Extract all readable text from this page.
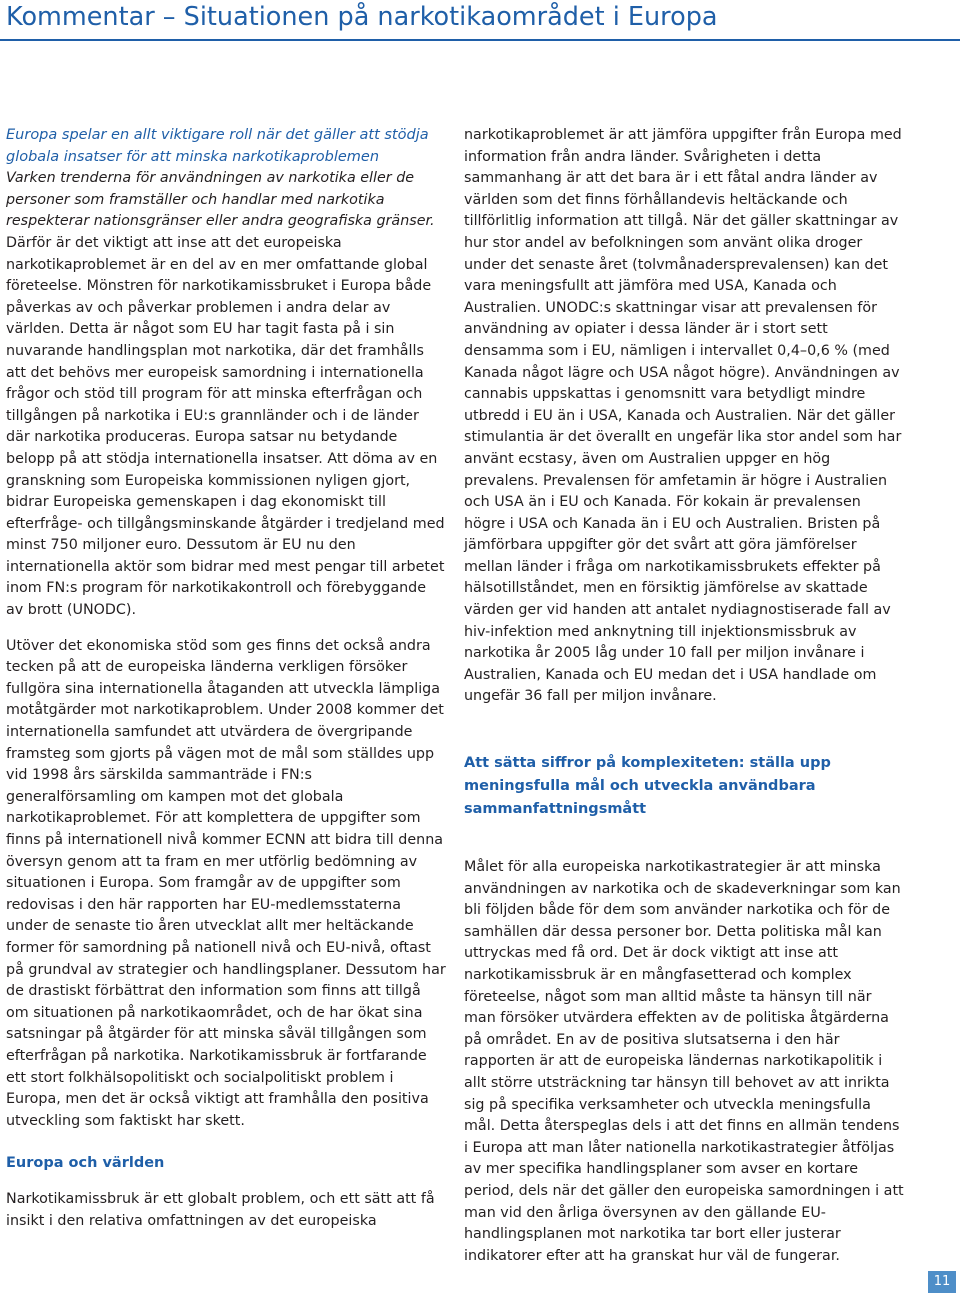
Kommentar – Situationen på narkotikaområdet i Europa

Europa spelar en allt viktigare roll när det gäller att stödja globala insatser för att minska narkotikaproblemen

Varken trenderna för användningen av narkotika eller de personer som framställer och handlar med narkotika respekterar nationsgränser eller andra geografiska gränser. Därför är det viktigt att inse att det europeiska narkotikaproblemet är en del av en mer omfattande global företeelse. Mönstren för narkotikamissbruket i Europa både påverkas av och påverkar problemen i andra delar av världen. Detta är något som EU har tagit fasta på i sin nuvarande handlingsplan mot narkotika, där det framhålls att det behövs mer europeisk samordning i internationella frågor och stöd till program för att minska efterfrågan och tillgången på narkotika i EU:s grannländer och i de länder där narkotika produceras. Europa satsar nu betydande belopp på att stödja internationella insatser. Att döma av en granskning som Europeiska kommissionen nyligen gjort, bidrar Europeiska gemenskapen i dag ekonomiskt till efterfråge- och tillgångsminskande åtgärder i tredjeland med minst 750 miljoner euro. Dessutom är EU nu den internationella aktör som bidrar med mest pengar till arbetet inom FN:s program för narkotikakontroll och förebyggande av brott (UNODC).

Utöver det ekonomiska stöd som ges finns det också andra tecken på att de europeiska länderna verkligen försöker fullgöra sina internationella åtaganden att utveckla lämpliga motåtgärder mot narkotikaproblem. Under 2008 kommer det internationella samfundet att utvärdera de övergripande framsteg som gjorts på vägen mot de mål som ställdes upp vid 1998 års särskilda sammanträde i FN:s generalförsamling om kampen mot det globala narkotikaproblemet. För att komplettera de uppgifter som finns på internationell nivå kommer ECNN att bidra till denna översyn genom att ta fram en mer utförlig bedömning av situationen i Europa. Som framgår av de uppgifter som redovisas i den här rapporten har EU-medlemsstaterna under de senaste tio åren utvecklat allt mer heltäckande former för samordning på nationell nivå och EU-nivå, oftast på grundval av strategier och handlingsplaner. Dessutom har de drastiskt förbättrat den information som finns att tillgå om situationen på narkotikaområdet, och de har ökat sina satsningar på åtgärder för att minska såväl tillgången som efterfrågan på narkotika. Narkotikamissbruk är fortfarande ett stort folkhälsopolitiskt och socialpolitiskt problem i Europa, men det är också viktigt att framhålla den positiva utveckling som faktiskt har skett.

Europa och världen

Narkotikamissbruk är ett globalt problem, och ett sätt att få insikt i den relativa omfattningen av det europeiska

narkotikaproblemet är att jämföra uppgifter från Europa med information från andra länder. Svårigheten i detta sammanhang är att det bara är i ett fåtal andra länder av världen som det finns förhållandevis heltäckande och tillförlitlig information att tillgå. När det gäller skattningar av hur stor andel av befolkningen som använt olika droger under det senaste året (tolvmånadersprevalensen) kan det vara meningsfullt att jämföra med USA, Kanada och Australien. UNODC:s skattningar visar att prevalensen för användning av opiater i dessa länder är i stort sett densamma som i EU, nämligen i intervallet 0,4–0,6 % (med Kanada något lägre och USA något högre). Användningen av cannabis uppskattas i genomsnitt vara betydligt mindre utbredd i EU än i USA, Kanada och Australien. När det gäller stimulantia är det överallt en ungefär lika stor andel som har använt ecstasy, även om Australien uppger en hög prevalens. Prevalensen för amfetamin är högre i Australien och USA än i EU och Kanada. För kokain är prevalensen högre i USA och Kanada än i EU och Australien. Bristen på jämförbara uppgifter gör det svårt att göra jämförelser mellan länder i fråga om narkotikamissbrukets effekter på hälsotillståndet, men en försiktig jämförelse av skattade värden ger vid handen att antalet nydiagnostiserade fall av hiv-infektion med anknytning till injektionsmissbruk av narkotika år 2005 låg under 10 fall per miljon invånare i Australien, Kanada och EU medan det i USA handlade om ungefär 36 fall per miljon invånare.

Att sätta siffror på komplexiteten: ställa upp meningsfulla mål och utveckla användbara sammanfattningsmått

Målet för alla europeiska narkotikastrategier är att minska användningen av narkotika och de skadeverkningar som kan bli följden både för dem som använder narkotika och för de samhällen där dessa personer bor. Detta politiska mål kan uttryckas med få ord. Det är dock viktigt att inse att narkotikamissbruk är en mångfasetterad och komplex företeelse, något som man alltid måste ta hänsyn till när man försöker utvärdera effekten av de politiska åtgärderna på området. En av de positiva slutsatserna i den här rapporten är att de europeiska ländernas narkotikapolitik i allt större utsträckning tar hänsyn till behovet av att inrikta sig på specifika verksamheter och utveckla meningsfulla mål. Detta återspeglas dels i att det finns en allmän tendens i Europa att man låter nationella narkotikastrategier åtföljas av mer specifika handlingsplaner som avser en kortare period, dels när det gäller den europeiska samordningen i att man vid den årliga översynen av den gällande EU-handlingsplanen mot narkotika tar bort eller justerar indikatorer efter att ha granskat hur väl de fungerar.

11
